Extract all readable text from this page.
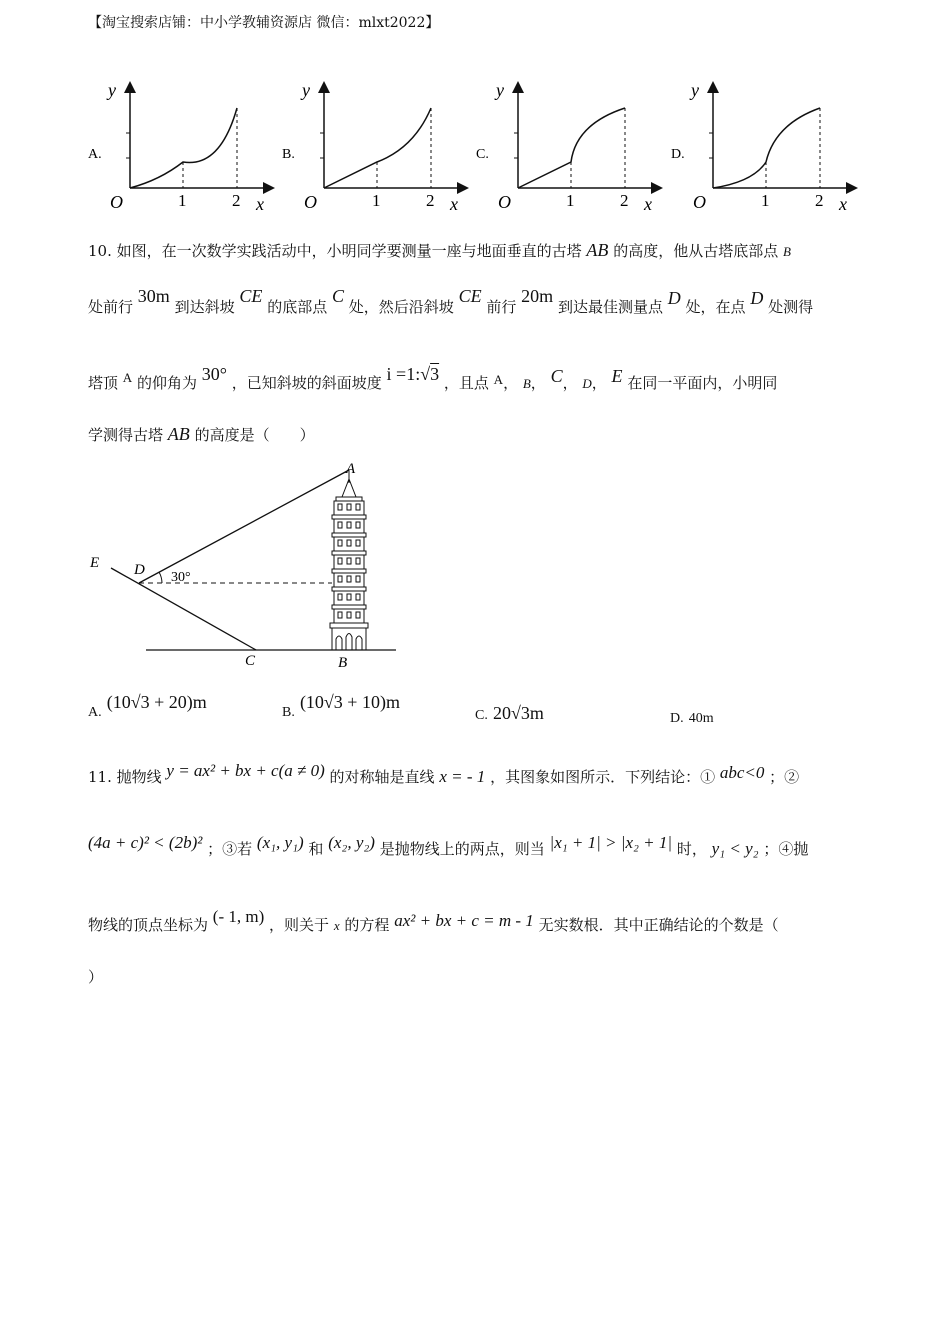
【淘宝搜索店铺：中小学教辅资源店 微信：mlxt2022】
A.
y
O	1	2 x
B.
y
O	1	2 x
C.
y
O	1	2 x
D.
y
O	1	2 x
10. 如图，在一次数学实践活动中，小明同学要测量一座与地面垂直的古塔 AB 的高度，他从古塔底部点 B
处前行 30m 到达斜坡 CE 的底部点 C 处，然后沿斜坡 CE 前行 20m 到达最佳测量点 D 处，在点 D 处测得
塔顶 A 的仰角为 30° ，已知斜坡的斜面坡度 i =1:√3 ，且点 A， B， C， D， E 在同一平面内，小明同
学测得古塔 AB 的高度是（　　）
A
E D 30°
C	B
A. (10√3 + 20)m
B. (10√3 + 10)m
C. 20√3m	D. 40m
11. 抛物线 y = ax² + bx + c(a ≠ 0) 的对称轴是直线 x = - 1 ，其图象如图所示．下列结论：① abc<0 ；②
(4a + c)² < (2b)² ；③若 (x₁, y₁) 和 (x₂, y₂) 是抛物线上的两点，则当 |x₁ + 1| > |x₂ + 1| 时， y₁ < y₂ ；④抛
物线的顶点坐标为 (- 1, m) ，则关于 x 的方程 ax² + bx + c = m - 1 无实数根．其中正确结论的个数是（
）
